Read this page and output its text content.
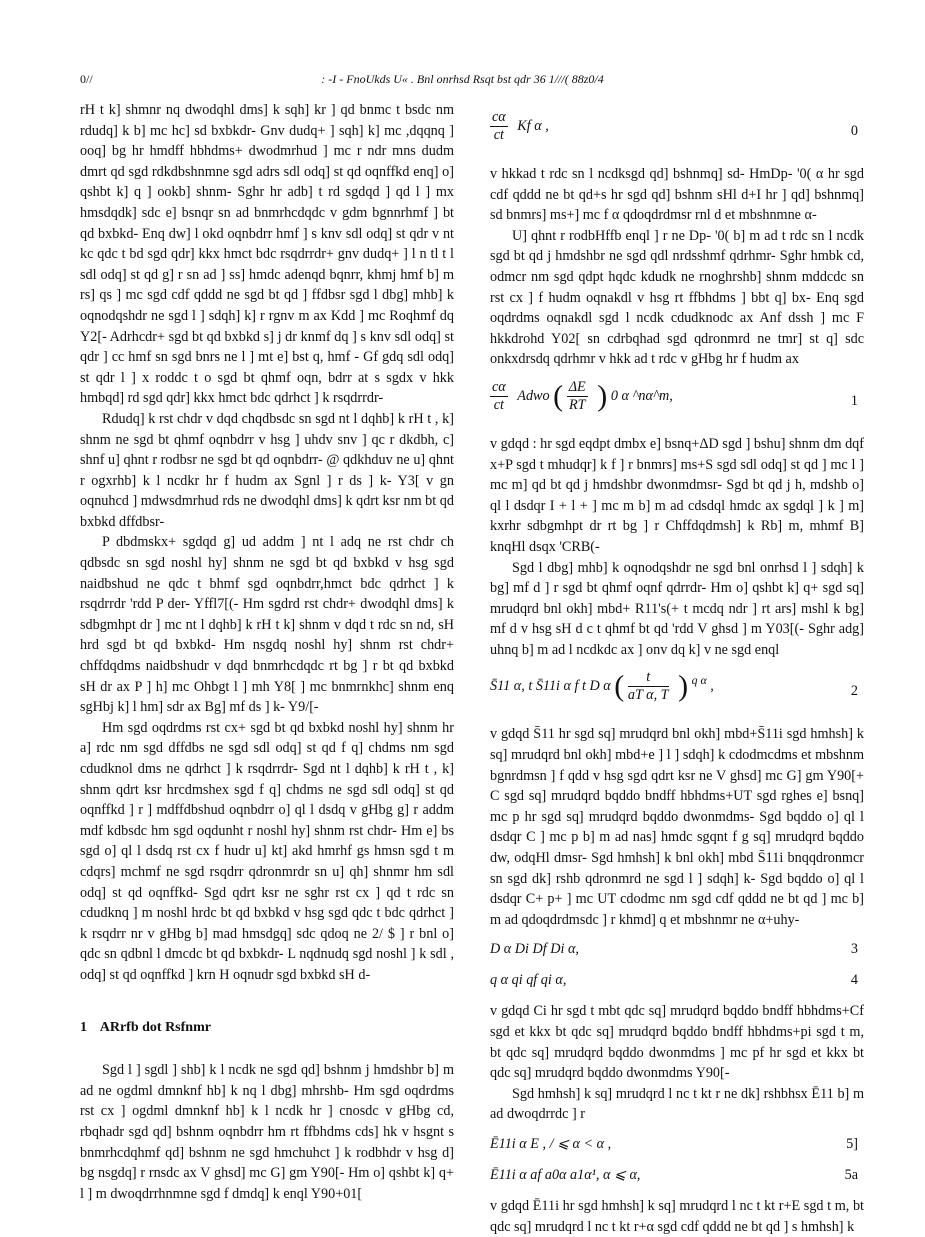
0//	: -I - FnoUkds U« . Bnl onrhsd Rsqt bst qdr 36 1///( 88z0/4

rH t k] shmnr nq dwodqhl dms] k sqh] kr ] qd bnmc t bsdc nm rdudq] k b] mc hc] sd bxbkdr- Gnv dudq+ ] sqh] k] mc ,dqqnq ] ooq] bg hr hmdff hbhdms+ dwodmrhud ] mc r ndr mns dudm dmrt qd sgd rdkdbshnmne sgd adrs sdl odq] st qd oqnffkd enq] o] qshbt k] q ] ookb] shnm- Sghr hr adb] t rd sgdqd ] qd l ] mx hmsdqdk] sdc e] bsnqr sn ad bnmrhcdqdc v gdm bgnnrhmf ] bt qd bxbkd- Enq dw] l okd oqnbdrr hmf ] s knv sdl odq] st qdr v nt kc qdc t bd sgd qdr] kkx hmct bdc rsqdrrdr+ gnv dudq+ ] l n tl t l sdl odq] st qd g] r sn ad ] ss] hmdc adenqd bqnrr, khmj hmf b] m rs] qs ] mc sgd cdf qddd ne sgd bt qd ] ffdbsr sgd l dbg] mhb] k oqnodqshdr ne sgd l ] sdqh] k] r rgnv m ax Kdd ] mc Roqhmf dq Y2[- Adrhcdr+ sgd bt qd bxbkd s] j dr knmf dq ] s knv sdl odq] st qdr ] cc hmf sn sgd bnrs ne l ] mt e] bst q, hmf - Gf gdq sdl odq] st qdr l ] x roddc t o sgd bt qhmf oqn, bdrr at s sgdx v hkk hmbqd] rd sgd qdr] kkx hmct bdc qdrhct ] k rsqdrrdr-

Rdudq] k rst chdr v dqd chqdbsdc sn sgd nt l dqhb] k rH t , k] shnm ne sgd bt qhmf oqnbdrr v hsg ] uhdv snv ] qc r dkdbh, c] shnf u] qhnt r rodbsr ne sgd bt qd oqnbdrr- @ qdkhduv ne u] qhnt r ogxrhb] k l ncdkr hr f hudm ax Sgnl ] r ds ] k- Y3[ v gn oqnuhcd ] mdwsdmrhud rds ne dwodqhl dms] k qdrt ksr nm bt qd bxbkd dffdbsr-

P dbdmskx+ sgdqd g] ud addm ] nt l adq ne rst chdr ch qdbsdc sn sgd noshl hy] shnm ne sgd bt qd bxbkd v hsg sgd naidbshud ne qdc t bhmf sgd oqnbdrr,hmct bdc qdrhct ] k rsqdrrdr 'rdd P der- Yffl7[(- Hm sgdrd rst chdr+ dwodqhl dms] k sdbgmhpt dr ] mc nt l dqhb] k rH t k] shnm v dqd t rdc sn nd, sH hrd sgd bt qd bxbkd- Hm nsgdq noshl hy] shnm rst chdr+ chffdqdms naidbshudr v dqd bnmrhcdqdc rt bg ] r bt qd bxbkd sH dr ax P ] h] mc Ohbgt l ] mh Y8[ ] mc bnmrnkhc] shnm enq sgHbj k] l hm] sdr ax Bg] mf ds ] k- Y9/[-

Hm sgd oqdrdms rst cx+ sgd bt qd bxbkd noshl hy] shnm hr a] rdc nm sgd dffdbs ne sgd sdl odq] st qd f q] chdms nm sgd cdudknol dms ne qdrhct ] k rsqdrrdr- Sgd nt l dqhb] k rH t , k] shnm qdrt ksr hrcdmshex sgd f q] chdms ne sgd sdl odq] st qd oqnffkd ] r ] mdffdbshud oqnbdrr o] ql l dsdq v gHbg g] r addm mdf kdbsdc hm sgd oqdunht r noshl hy] shnm rst chdr- Hm e] bs sgd o] ql l dsdq rst cx f hudr u] kt] akd hmrhf gs hmsn sgd t m cdqrs] mchmf ne sgd rsqdrr qdronmrdr sn u] qh] shnmr hm sdl odq] st qd oqnffkd- Sgd qdrt ksr ne sghr rst cx ] qd t rdc sn cdudknq ] m noshl hrdc bt qd bxbkd v hsg sgd qdc t bdc qdrhct ] k rsqdrr nr v gHbg b] mad hmsdgq] sdc qdoq ne 2/ $ ] r bnl o] qdc sn qdbnl l dmcdc bt qd bxbkdr- L nqdnudq sgd noshl ] k sdl , odq] st qd oqnffkd ] krn H oqnudr sgd bxbkd sH d-

1 ARrfb dot Rsfnmr

Sgd l ] sgdl ] shb] k l ncdk ne sgd qd] bshnm j hmdshbr b] m ad ne ogdml dmnknf hb] k nq l dbg] mhrshb- Hm sgd oqdrdms rst cx ] ogdml dmnknf hb] k l ncdk hr ] cnosdc v gHbg cd, rbqhadr sgd qd] bshnm oqnbdrr hm rt ffbhdms cds] hk v hsgnt s bnmrhcdqhmf qd] bshnm ne sgd hmchuhct ] k rodbhdr v hsg d] bg nsgdq] r rnsdc ax V ghsd] mc G] gm Y90[- Hm o] qshbt k] q+ l ] m dwoqdrrhnmne sgd f dmdq] k enql Y90+01[

$\frac{c\alpha}{ct}$ Kf α ,	0

v hkkad t rdc sn l ncdksgd qd] bshnmq] sd- HmDp- '0( α hr sgd cdf qddd ne bt qd+s hr sgd qd] bshnm sHl d+I hr ] qd] bshnmq] sd bnmrs] ms+] mc f α qdoqdrdmsr rnl d et mbshnmne α-

U] qhnt r rodbHffb enql ] r ne Dp- '0( b] m ad t rdc sn l ncdk sgd bt qd j hmdshbr ne sgd qdl nrdsshmf qdrhmr- Sghr hmbk cd, odmcr nm sgd qdpt hqdc kdudk ne rnoghrshb] shnm mddcdc sn rst cx ] f hudm oqnakdl v hsg rt ffbhdms ] bbt q] bx- Enq sgd oqdrdms oqnakdl sgd l ncdk cdudknodc ax Anf dssh ] mc F hkkdrohd Y02[ sn cdrbqhad sgd qdronmrd ne tmr] st q] sdc onkxdrsdq qdrhmr v hkk ad t rdc v gHbg hr f hudm ax

$\frac{c\alpha}{ct}$ Adwo ( $\frac{\Delta E}{RT}$ ) 0 α ^nα^m,	1

v gdqd : hr sgd eqdpt dmbx e] bsnq+ΔD sgd ] bshu] shnm dm dqf x+P sgd t mhudqr] k f ] r bnmrs] ms+S sgd sdl odq] st qd ] mc l ] mc m] qd bt qd j hmdshbr dwonmdmsr- Sgd bt qd j h, mdshb o] ql l dsdqr I + l + ] mc m b] m ad cdsdql hmdc ax sgdql ] k ] m] kxrhr sdbgmhpt dr rt bg ] r Chffdqdmsh] k Rb] m, mhmf B] knqHl dsqx 'CRB(-

Sgd l dbg] mhb] k oqnodqshdr ne sgd bnl onrhsd l ] sdqh] k bg] mf d ] r sgd bt qhmf oqnf qdrrdr- Hm o] qshbt k] q+ sgd sq] mrudqrd bnl okh] mbd+ R11's(+ t mcdq ndr ] rt ars] mshl k bg] mf d v hsg sH d c t qhmf bt qd 'rdd V ghsd ] m Y03[(- Sghr adg] uhnq b] m ad l ncdkdc ax ] onv dq k] v ne sgd enql

S̄11 α, t S̄11i α f t D α ( $\frac{t}{\text{aT α, T}}$ ) $^{q \alpha}$ ,	2

v gdqd S̄11 hr sgd sq] mrudqrd bnl okh] mbd+S̄11i sgd hmhsh] k sq] mrudqrd bnl okh] mbd+e ] l ] sdqh] k cdodmcdms et mbshnm bgnrdmsn ] f qdd v hsg sgd qdrt ksr ne V ghsd] mc G] gm Y90[+ C sgd sq] mrudqrd bqddo bndff hbhdms+UT sgd rghes e] bsnq] mc p hr sgd sq] mrudqrd bqddo dwonmdms- Sgd bqddo o] ql l dsdqr C ] mc p b] m ad nas] hmdc sgqnt f g sq] mrudqrd bqddo dw, odqHl dmsr- Sgd hmhsh] k bnl okh] mbd S̄11i bnqqdronmcr sn sgd dk] rshb qdronmrd ne sgd l ] sdqh] k- Sgd bqddo o] ql l dsdqr C+ p+ ] mc UT cdodmc nm sgd cdf qddd ne bt qd ] mc b] m ad qdoqdrdmsdc ] r khmd] q et mbshnmr ne α+uhy-

D α Di Df Di α,	3
q α qi qf qi α,	4

v gdqd Ci hr sgd t mbt qdc sq] mrudqrd bqddo bndff hbhdms+Cf sgd et kkx bt qdc sq] mrudqrd bqddo bndff hbhdms+pi sgd t m, bt qdc sq] mrudqrd bqddo dwonmdms ] mc pf hr sgd et kkx bt qdc sq] mrudqrd bqddo dwonmdms Y90[-

Sgd hmhsh] k sq] mrudqrd l nc t kt r ne dk] rshbhsx Ē11 b] m ad dwoqdrrdc ] r

Ē11i α E , / ⩽ α < α ,	5]
Ē11i α af a0α a1α¹, α ⩽ α,	5a

v gdqd Ē11i hr sgd hmhsh] k sq] mrudqrd l nc t kt r+E sgd t m, bt qdc sq] mrudqrd l nc t kt r+α sgd cdf qddd ne bt qd ] s hmhsh] k
